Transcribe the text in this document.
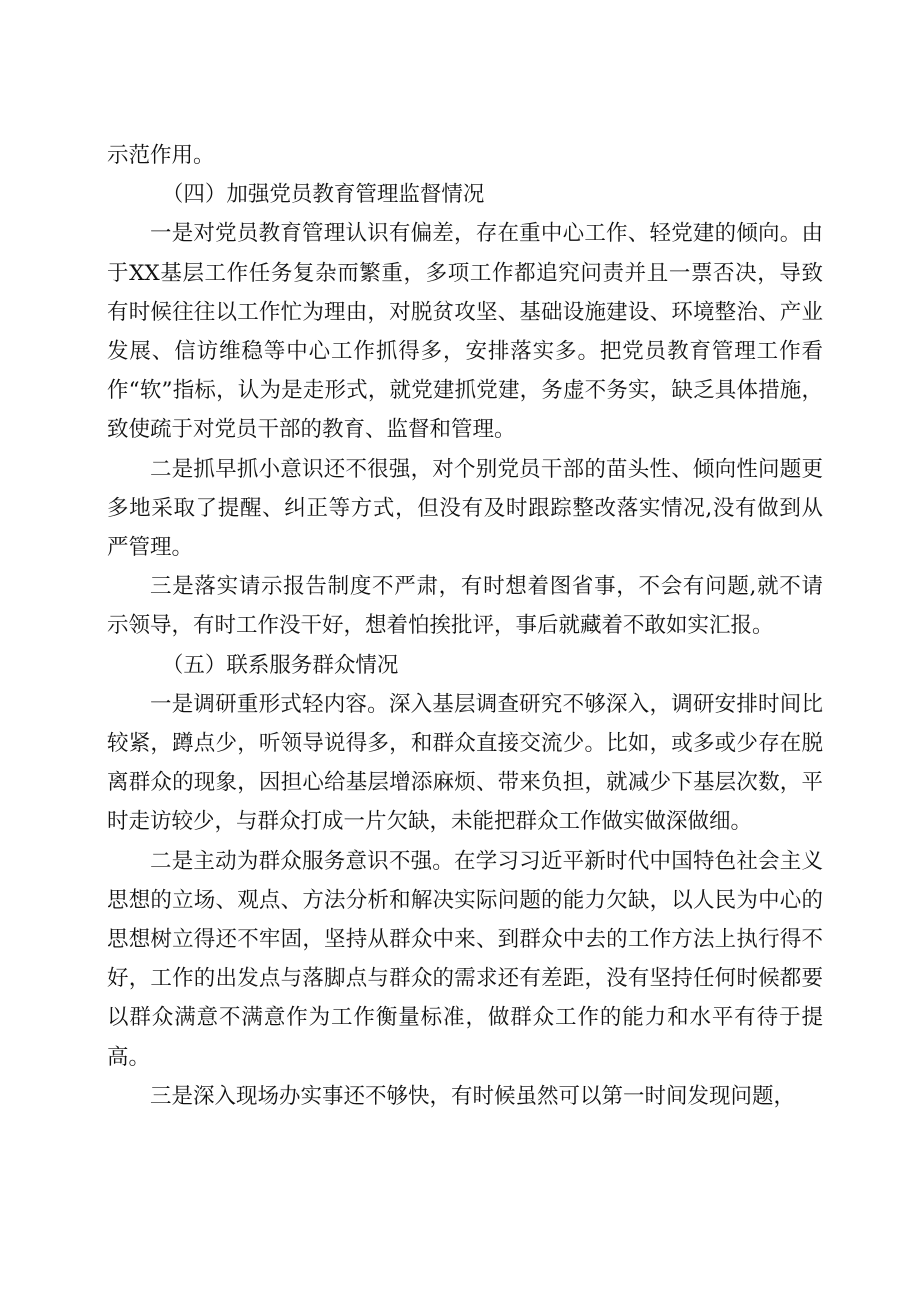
示范作用。

（四）加强党员教育管理监督情况

一是对党员教育管理认识有偏差，存在重中心工作、轻党建的倾向。由于XX基层工作任务复杂而繁重，多项工作都追究问责并且一票否决，导致有时候往往以工作忙为理由，对脱贫攻坚、基础设施建设、环境整治、产业发展、信访维稳等中心工作抓得多，安排落实多。把党员教育管理工作看作“软”指标，认为是走形式，就党建抓党建，务虚不务实，缺乏具体措施，致使疏于对党员干部的教育、监督和管理。

二是抓早抓小意识还不很强，对个别党员干部的苗头性、倾向性问题更多地采取了提醒、纠正等方式，但没有及时跟踪整改落实情况,没有做到从严管理。

三是落实请示报告制度不严肃，有时想着图省事，不会有问题,就不请示领导，有时工作没干好，想着怕挨批评，事后就藏着不敢如实汇报。

（五）联系服务群众情况

一是调研重形式轻内容。深入基层调查研究不够深入，调研安排时间比较紧，蹲点少，听领导说得多，和群众直接交流少。比如，或多或少存在脱离群众的现象，因担心给基层增添麻烦、带来负担，就减少下基层次数，平时走访较少，与群众打成一片欠缺，未能把群众工作做实做深做细。

二是主动为群众服务意识不强。在学习习近平新时代中国特色社会主义思想的立场、观点、方法分析和解决实际问题的能力欠缺，以人民为中心的思想树立得还不牢固，坚持从群众中来、到群众中去的工作方法上执行得不好，工作的出发点与落脚点与群众的需求还有差距，没有坚持任何时候都要以群众满意不满意作为工作衡量标准，做群众工作的能力和水平有待于提高。

三是深入现场办实事还不够快，有时候虽然可以第一时间发现问题，
